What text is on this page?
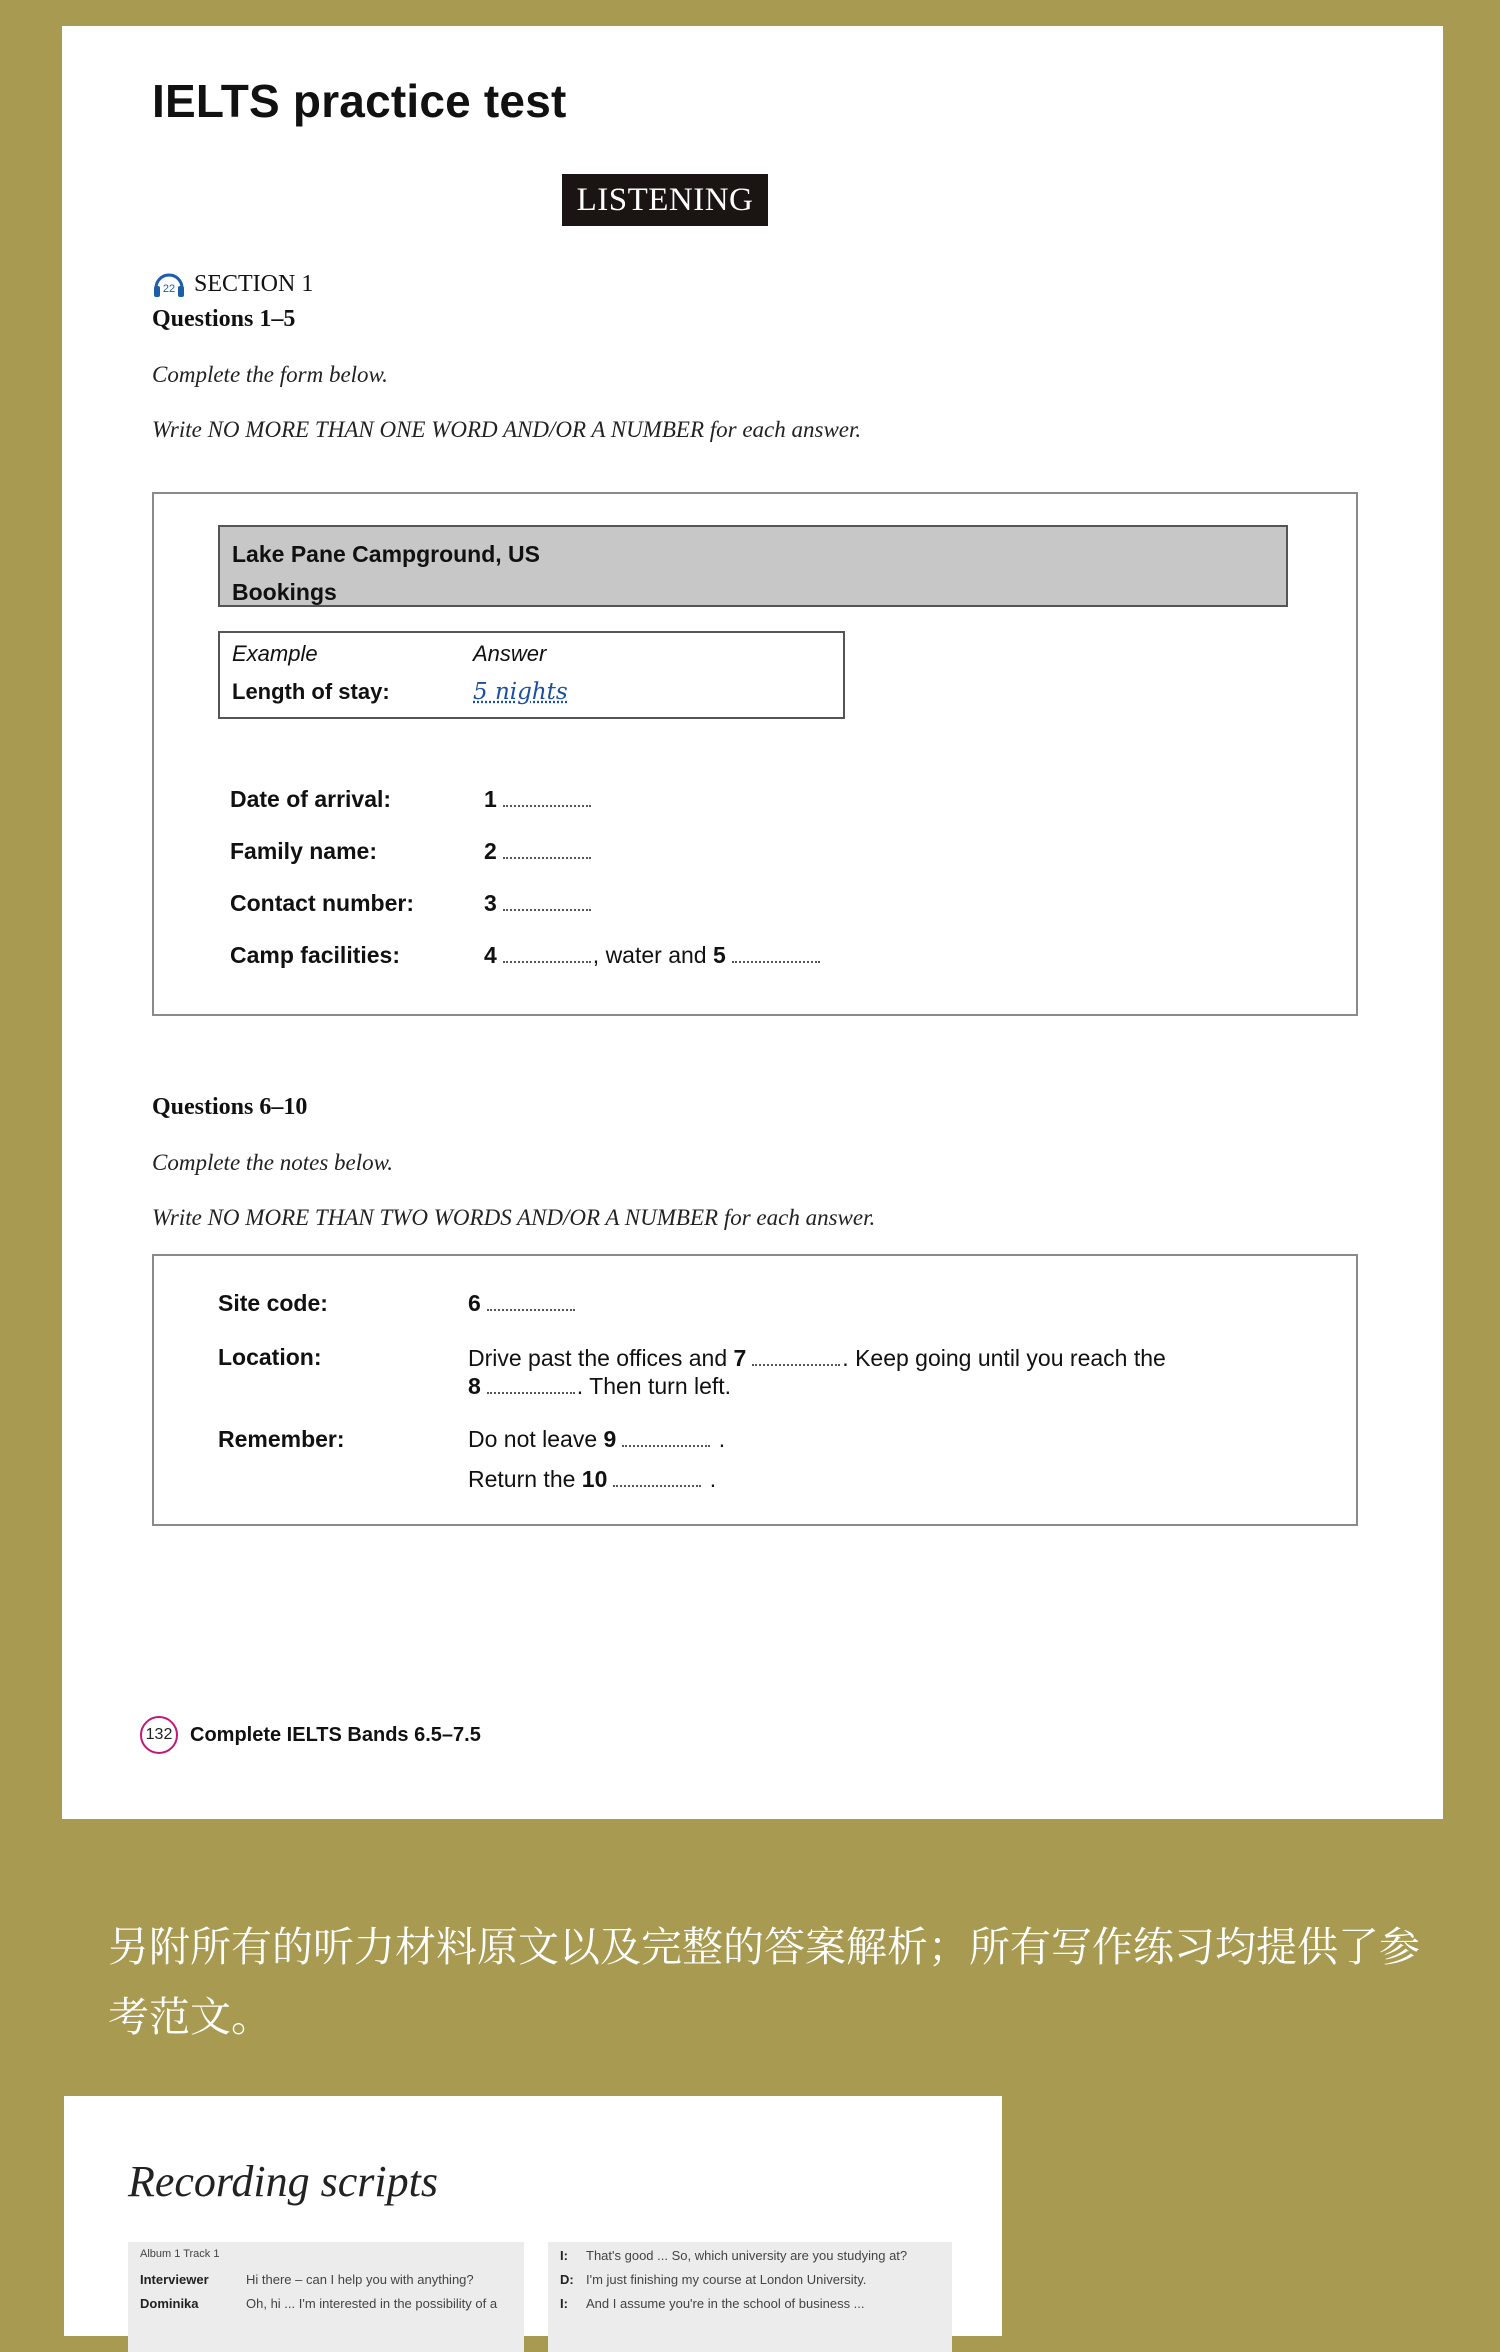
IELTS practice test
LISTENING
22 SECTION 1
Questions 1–5
Complete the form below.
Write NO MORE THAN ONE WORD AND/OR A NUMBER for each answer.
Lake Pane Campground, US
Bookings
Example	Answer
Length of stay:	5 nights
Date of arrival:	1
Family name:	2
Contact number:	3
Camp facilities:	4	, water and 5
Questions 6–10
Complete the notes below.
Write NO MORE THAN TWO WORDS AND/OR A NUMBER for each answer.
Site code:	6
Location:	Drive past the offices and 7	. Keep going until you reach the
8	. Then turn left.
Remember:	Do not leave 9	.
Return the 10	.
132 Complete IELTS Bands 6.5–7.5
另附所有的听力材料原文以及完整的答案解析；所有写作练习均提供了参考范文。
Recording scripts
Album 1 Track 1
Interviewer	Hi there – can I help you with anything?
Dominika	Oh, hi ... I'm interested in the possibility of a
I: That's good ... So, which university are you studying at?
D: I'm just finishing my course at London University.
I: And I assume you're in the school of business ...
